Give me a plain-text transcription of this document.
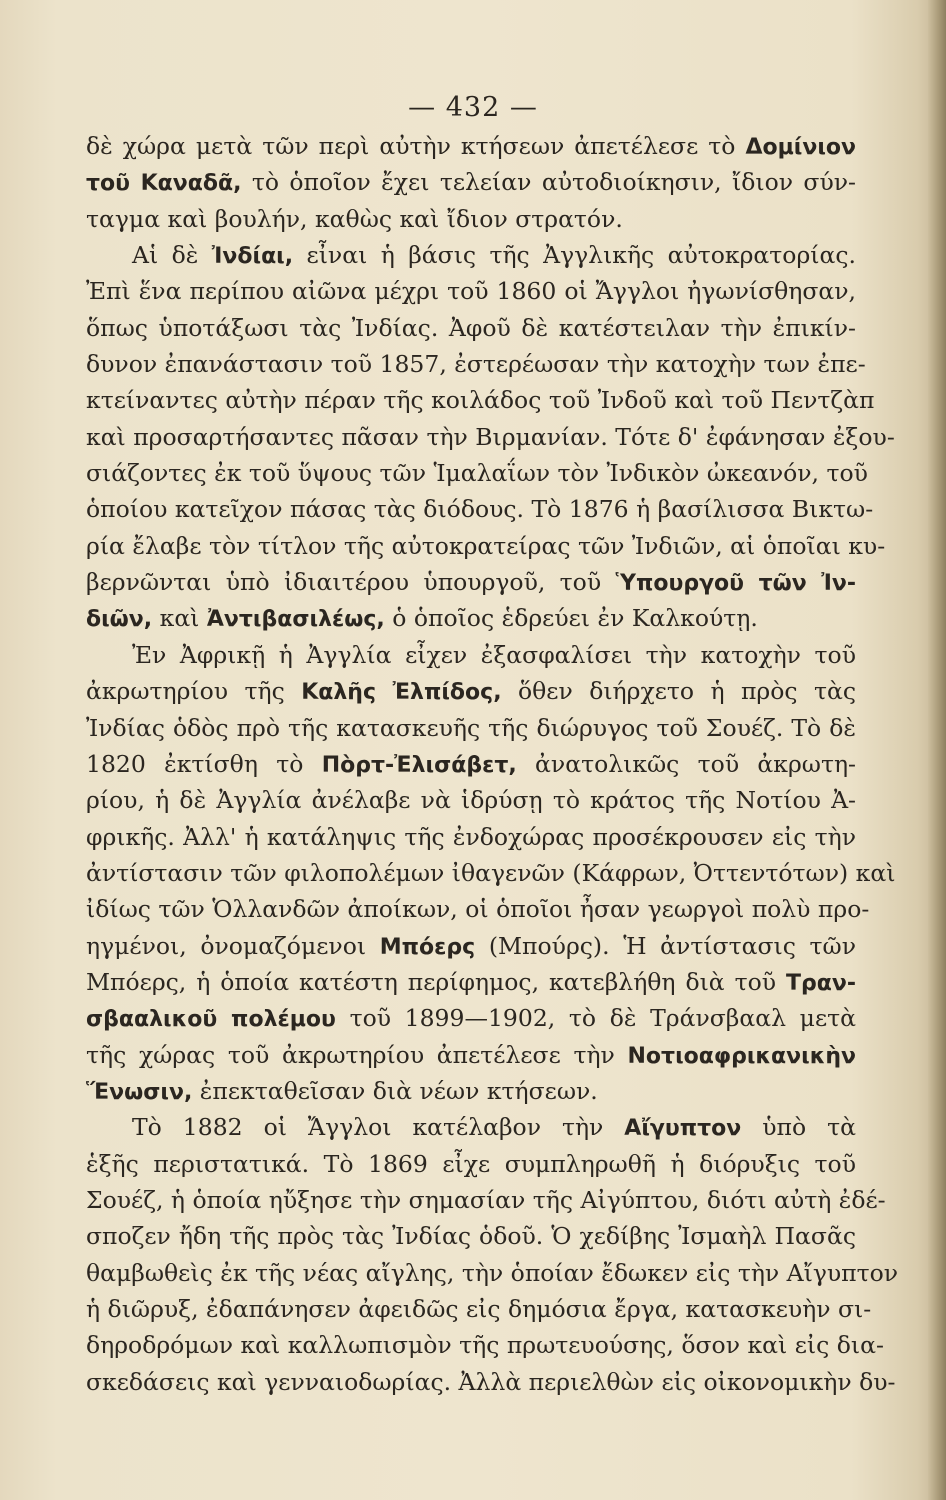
— 432 —
δὲ χώρα μετὰ τῶν περὶ αὐτὴν κτήσεων ἀπετέλεσε τὸ Δομίνιον
τοῦ Καναδᾶ, τὸ ὁποῖον ἔχει τελείαν αὐτοδιοίκησιν, ἴδιον σύν-
ταγμα καὶ βουλήν, καθὼς καὶ ἴδιον στρατόν.
Αἱ δὲ Ἰνδίαι, εἶναι ἡ βάσις τῆς Ἀγγλικῆς αὐτοκρατορίας.
Ἐπὶ ἕνα περίπου αἰῶνα μέχρι τοῦ 1860 οἱ Ἄγγλοι ἠγωνίσθησαν,
ὅπως ὑποτάξωσι τὰς Ἰνδίας. Ἀφοῦ δὲ κατέστειλαν τὴν ἐπικίν-
δυνον ἐπανάστασιν τοῦ 1857, ἐστερέωσαν τὴν κατοχὴν των ἐπε-
κτείναντες αὐτὴν πέραν τῆς κοιλάδος τοῦ Ἰνδοῦ καὶ τοῦ Πεντζὰπ
καὶ προσαρτήσαντες πᾶσαν τὴν Βιρμανίαν. Τότε δ' ἐφάνησαν ἐξου-
σιάζοντες ἐκ τοῦ ὕψους τῶν Ἱμαλαΐων τὸν Ἰνδικὸν ὠκεανόν, τοῦ
ὁποίου κατεῖχον πάσας τὰς διόδους. Τὸ 1876 ἡ βασίλισσα Βικτω-
ρία ἔλαβε τὸν τίτλον τῆς αὐτοκρατείρας τῶν Ἰνδιῶν, αἱ ὁποῖαι κυ-
βερνῶνται ὑπὸ ἰδιαιτέρου ὑπουργοῦ, τοῦ Ὑπουργοῦ τῶν Ἰν-
διῶν, καὶ Ἀντιβασιλέως, ὁ ὁποῖος ἑδρεύει ἐν Καλκούτῃ.
Ἐν Ἀφρικῇ ἡ Ἀγγλία εἶχεν ἐξασφαλίσει τὴν κατοχὴν τοῦ
ἀκρωτηρίου τῆς Καλῆς Ἐλπίδος, ὅθεν διήρχετο ἡ πρὸς τὰς
Ἰνδίας ὁδὸς πρὸ τῆς κατασκευῆς τῆς διώρυγος τοῦ Σουέζ. Τὸ δὲ
1820 ἐκτίσθη τὸ Πὸρτ-Ἐλισάβετ, ἀνατολικῶς τοῦ ἀκρωτη-
ρίου, ἡ δὲ Ἀγγλία ἀνέλαβε νὰ ἱδρύσῃ τὸ κράτος τῆς Νοτίου Ἀ-
φρικῆς. Ἀλλ' ἡ κατάληψις τῆς ἐνδοχώρας προσέκρουσεν εἰς τὴν
ἀντίστασιν τῶν φιλοπολέμων ἰθαγενῶν (Κάφρων, Ὀττεντότων) καὶ
ἰδίως τῶν Ὁλλανδῶν ἀποίκων, οἱ ὁποῖοι ἦσαν γεωργοὶ πολὺ προ-
ηγμένοι, ὀνομαζόμενοι Μπόερς (Μπούρς). Ἡ ἀντίστασις τῶν
Μπόερς, ἡ ὁποία κατέστη περίφημος, κατεβλήθη διὰ τοῦ Τραν-
σβααλικοῦ πολέμου τοῦ 1899—1902, τὸ δὲ Τράνσβααλ μετὰ
τῆς χώρας τοῦ ἀκρωτηρίου ἀπετέλεσε τὴν Νοτιοαφρικανικὴν
Ἕνωσιν, ἐπεκταθεῖσαν διὰ νέων κτήσεων.
Τὸ 1882 οἱ Ἄγγλοι κατέλαβον τὴν Αἴγυπτον ὑπὸ τὰ
ἑξῆς περιστατικά. Τὸ 1869 εἶχε συμπληρωθῆ ἡ διόρυξις τοῦ
Σουέζ, ἡ ὁποία ηὔξησε τὴν σημασίαν τῆς Αἰγύπτου, διότι αὐτὴ ἐδέ-
σποζεν ἤδη τῆς πρὸς τὰς Ἰνδίας ὁδοῦ. Ὁ χεδίβης Ἰσμαὴλ Πασᾶς
θαμβωθεὶς ἐκ τῆς νέας αἴγλης, τὴν ὁποίαν ἔδωκεν εἰς τὴν Αἴγυπτον
ἡ διῶρυξ, ἐδαπάνησεν ἀφειδῶς εἰς δημόσια ἔργα, κατασκευὴν σι-
δηροδρόμων καὶ καλλωπισμὸν τῆς πρωτευούσης, ὅσον καὶ εἰς δια-
σκεδάσεις καὶ γενναιοδωρίας. Ἀλλὰ περιελθὼν εἰς οἰκονομικὴν δυ-
